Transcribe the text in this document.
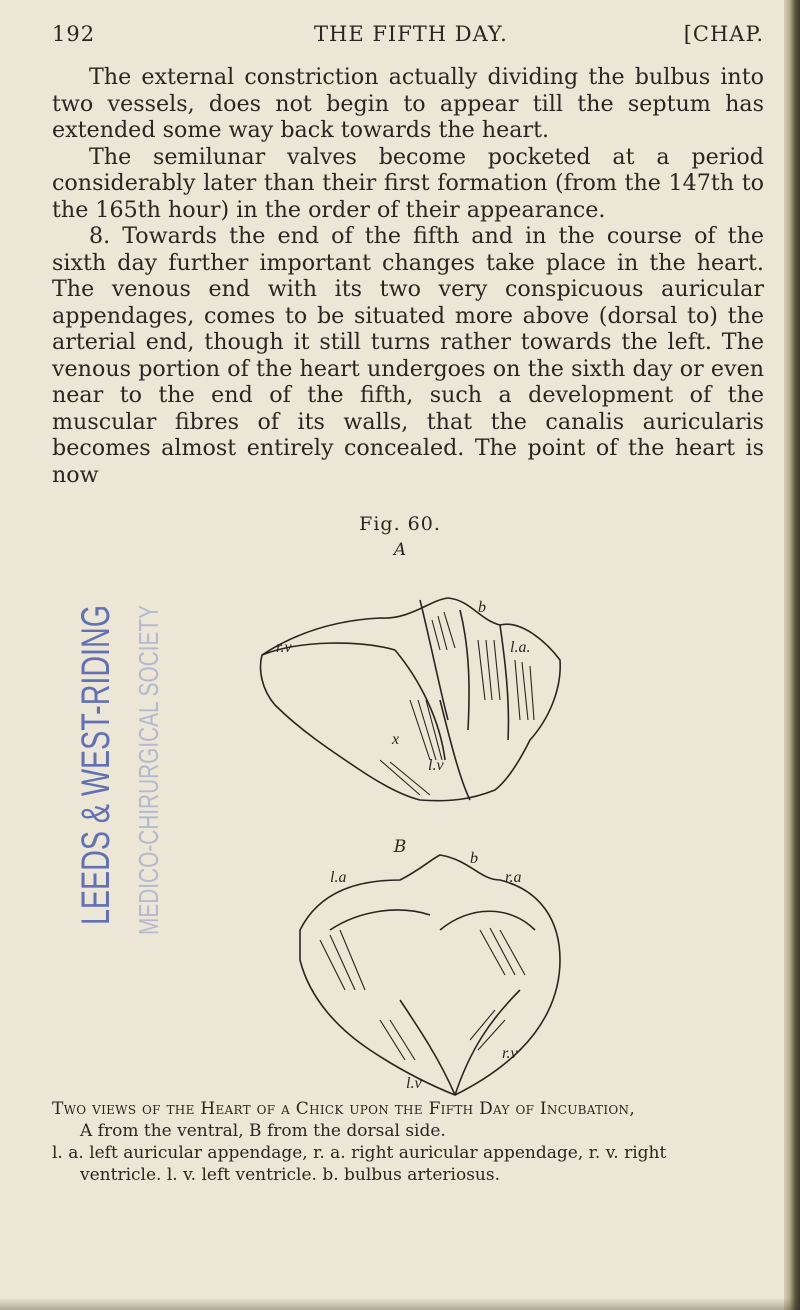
192	THE FIFTH DAY.	[CHAP.

The external constriction actually dividing the bulbus into two vessels, does not begin to appear till the septum has extended some way back towards the heart.

The semilunar valves become pocketed at a period considerably later than their first formation (from the 147th to the 165th hour) in the order of their appearance.

8. Towards the end of the fifth and in the course of the sixth day further important changes take place in the heart. The venous end with its two very conspicuous auricular appendages, comes to be situated more above (dorsal to) the arterial end, though it still turns rather towards the left. The venous portion of the heart undergoes on the sixth day or even near to the end of the fifth, such a development of the muscular fibres of its walls, that the canalis auricularis becomes almost entirely concealed. The point of the heart is now

Fig. 60.
A
B
LEEDS & WEST-RIDING MEDICO-CHIRURGICAL SOCIETY	r.v
b
l.a.
l.v
x
b
l.a	r.a
r.v
l.v
Two views of the Heart of a Chick upon the Fifth Day of Incubation,
A from the ventral, B from the dorsal side.
l. a. left auricular appendage, r. a. right auricular appendage, r. v. right
ventricle. l. v. left ventricle. b. bulbus arteriosus.
